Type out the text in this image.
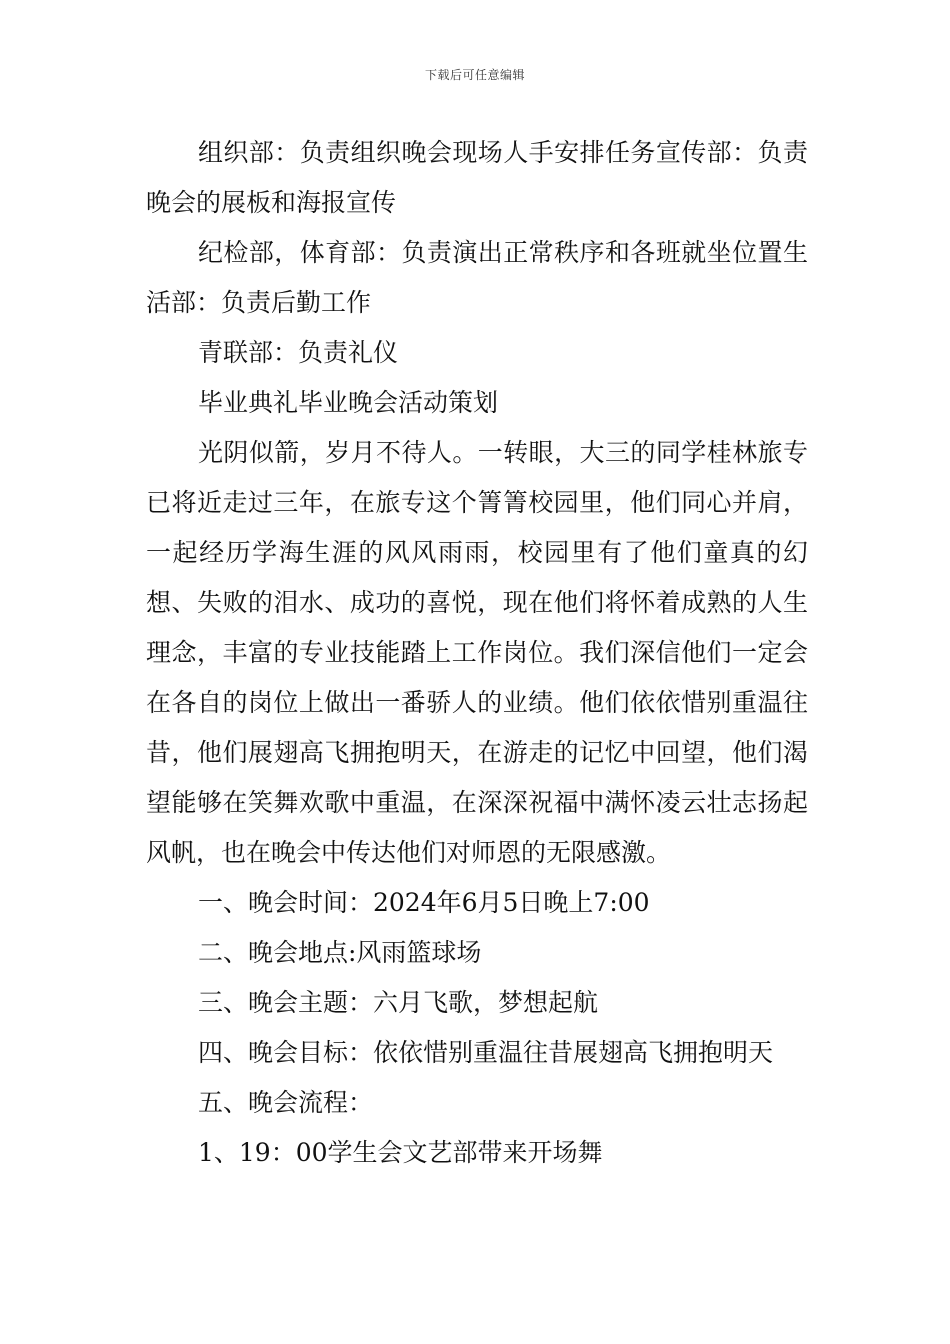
下载后可任意编辑

组织部：负责组织晚会现场人手安排任务宣传部：负责晚会的展板和海报宣传

纪检部，体育部：负责演出正常秩序和各班就坐位置生活部：负责后勤工作

青联部：负责礼仪

毕业典礼毕业晚会活动策划

光阴似箭，岁月不待人。一转眼，大三的同学桂林旅专已将近走过三年，在旅专这个箐箐校园里，他们同心并肩，一起经历学海生涯的风风雨雨，校园里有了他们童真的幻想、失败的泪水、成功的喜悦，现在他们将怀着成熟的人生理念，丰富的专业技能踏上工作岗位。我们深信他们一定会在各自的岗位上做出一番骄人的业绩。他们依依惜别重温往昔，他们展翅高飞拥抱明天，在游走的记忆中回望，他们渴望能够在笑舞欢歌中重温，在深深祝福中满怀凌云壮志扬起风帆，也在晚会中传达他们对师恩的无限感激。

一、晚会时间：2024年6月5日晚上7:00

二、晚会地点:风雨篮球场

三、晚会主题：六月飞歌，梦想起航

四、晚会目标：依依惜别重温往昔展翅高飞拥抱明天

五、晚会流程：

1、19：00学生会文艺部带来开场舞
